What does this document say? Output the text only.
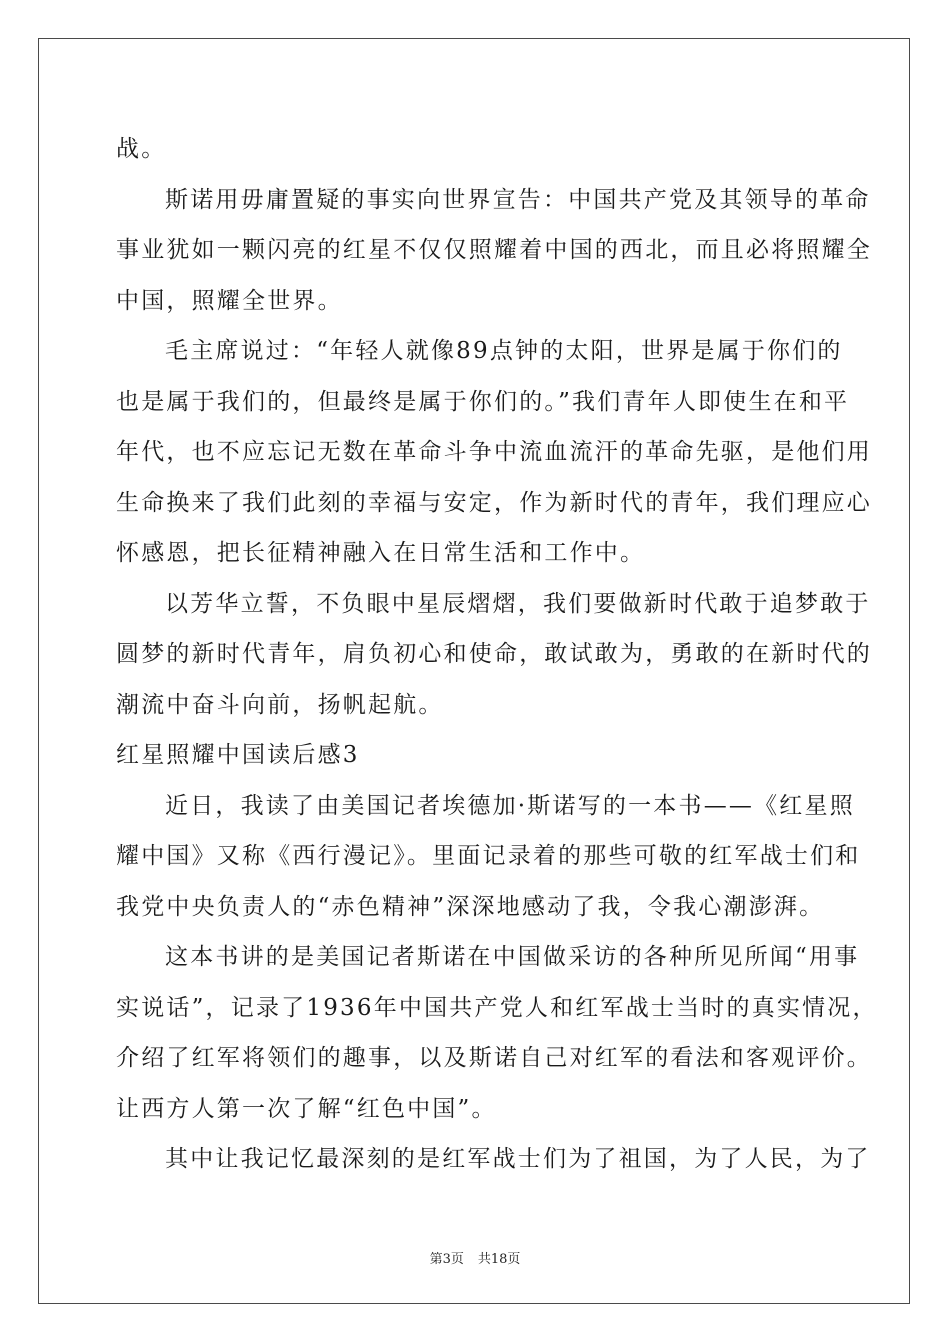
战。
斯诺用毋庸置疑的事实向世界宣告：中国共产党及其领导的革命
事业犹如一颗闪亮的红星不仅仅照耀着中国的西北，而且必将照耀全
中国，照耀全世界。
毛主席说过：“年轻人就像89点钟的太阳，世界是属于你们的
也是属于我们的，但最终是属于你们的。”我们青年人即使生在和平
年代，也不应忘记无数在革命斗争中流血流汗的革命先驱，是他们用
生命换来了我们此刻的幸福与安定，作为新时代的青年，我们理应心
怀感恩，把长征精神融入在日常生活和工作中。
以芳华立誓，不负眼中星辰熠熠，我们要做新时代敢于追梦敢于
圆梦的新时代青年，肩负初心和使命，敢试敢为，勇敢的在新时代的
潮流中奋斗向前，扬帆起航。
红星照耀中国读后感3
近日，我读了由美国记者埃德加·斯诺写的一本书——《红星照
耀中国》又称《西行漫记》。里面记录着的那些可敬的红军战士们和
我党中央负责人的“赤色精神”深深地感动了我，令我心潮澎湃。
这本书讲的是美国记者斯诺在中国做采访的各种所见所闻“用事
实说话”，记录了1936年中国共产党人和红军战士当时的真实情况，
介绍了红军将领们的趣事，以及斯诺自己对红军的看法和客观评价。
让西方人第一次了解“红色中国”。
其中让我记忆最深刻的是红军战士们为了祖国，为了人民，为了
第3页 共18页
